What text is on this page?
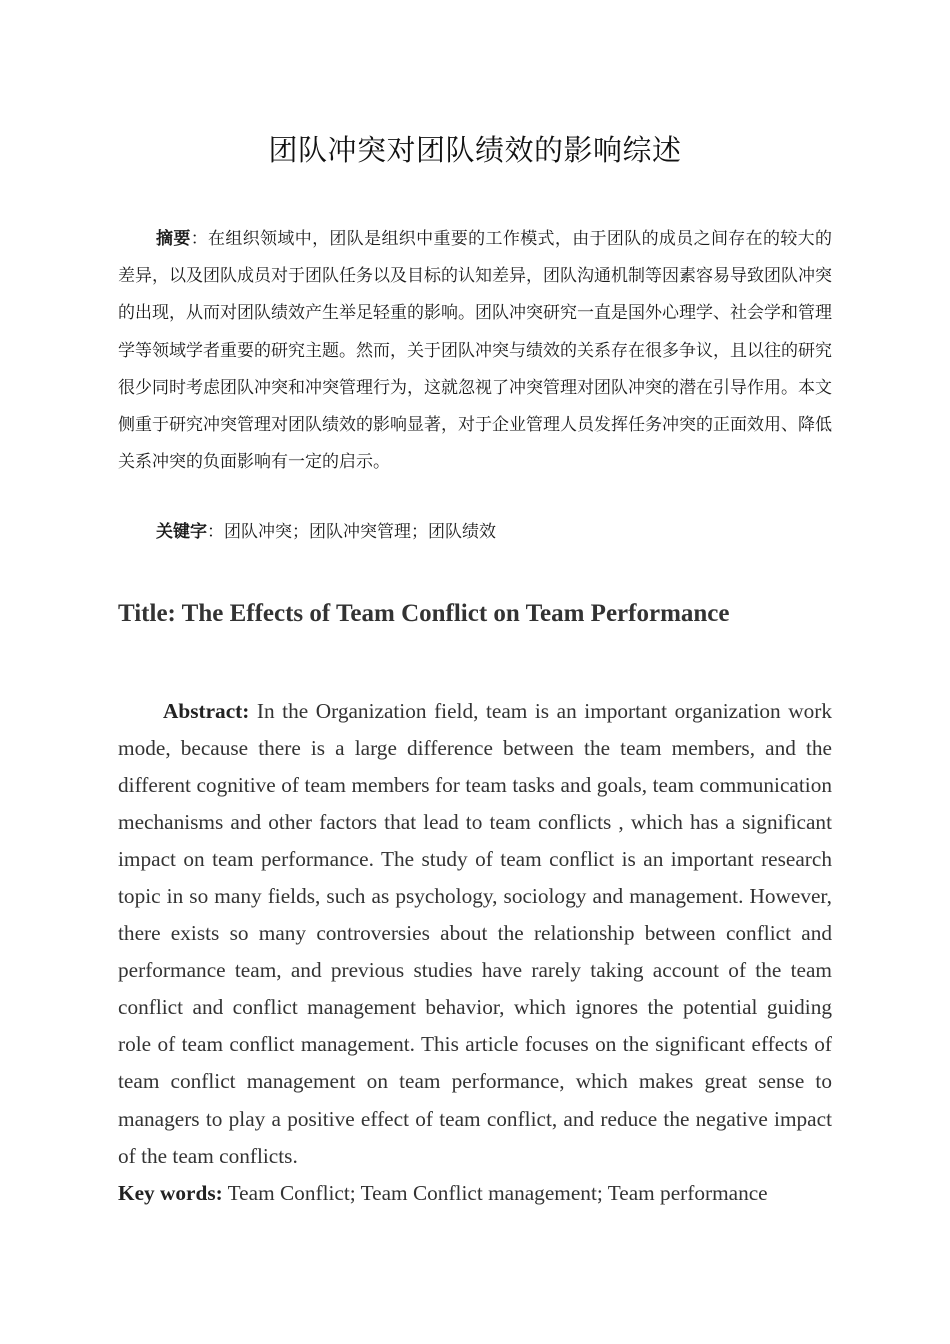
团队冲突对团队绩效的影响综述

摘要：在组织领域中，团队是组织中重要的工作模式，由于团队的成员之间存在的较大的差异，以及团队成员对于团队任务以及目标的认知差异，团队沟通机制等因素容易导致团队冲突的出现，从而对团队绩效产生举足轻重的影响。团队冲突研究一直是国外心理学、社会学和管理学等领域学者重要的研究主题。然而，关于团队冲突与绩效的关系存在很多争议，且以往的研究很少同时考虑团队冲突和冲突管理行为，这就忽视了冲突管理对团队冲突的潜在引导作用。本文侧重于研究冲突管理对团队绩效的影响显著，对于企业管理人员发挥任务冲突的正面效用、降低关系冲突的负面影响有一定的启示。

关键字：团队冲突；团队冲突管理；团队绩效

Title: The Effects of Team Conflict on Team Performance

Abstract: In the Organization field, team is an important organization work mode, because there is a large difference between the team members, and the different cognitive of team members for team tasks and goals, team communication mechanisms and other factors that lead to team conflicts , which has a significant impact on team performance. The study of team conflict is an important research topic in so many fields, such as psychology, sociology and management. However, there exists so many controversies about the relationship between conflict and performance team, and previous studies have rarely taking account of the team conflict and conflict management behavior, which ignores the potential guiding role of team conflict management. This article focuses on the significant effects of team conflict management on team performance, which makes great sense to managers to play a positive effect of team conflict, and reduce the negative impact of the team conflicts.

Key words: Team Conflict; Team Conflict management; Team performance
